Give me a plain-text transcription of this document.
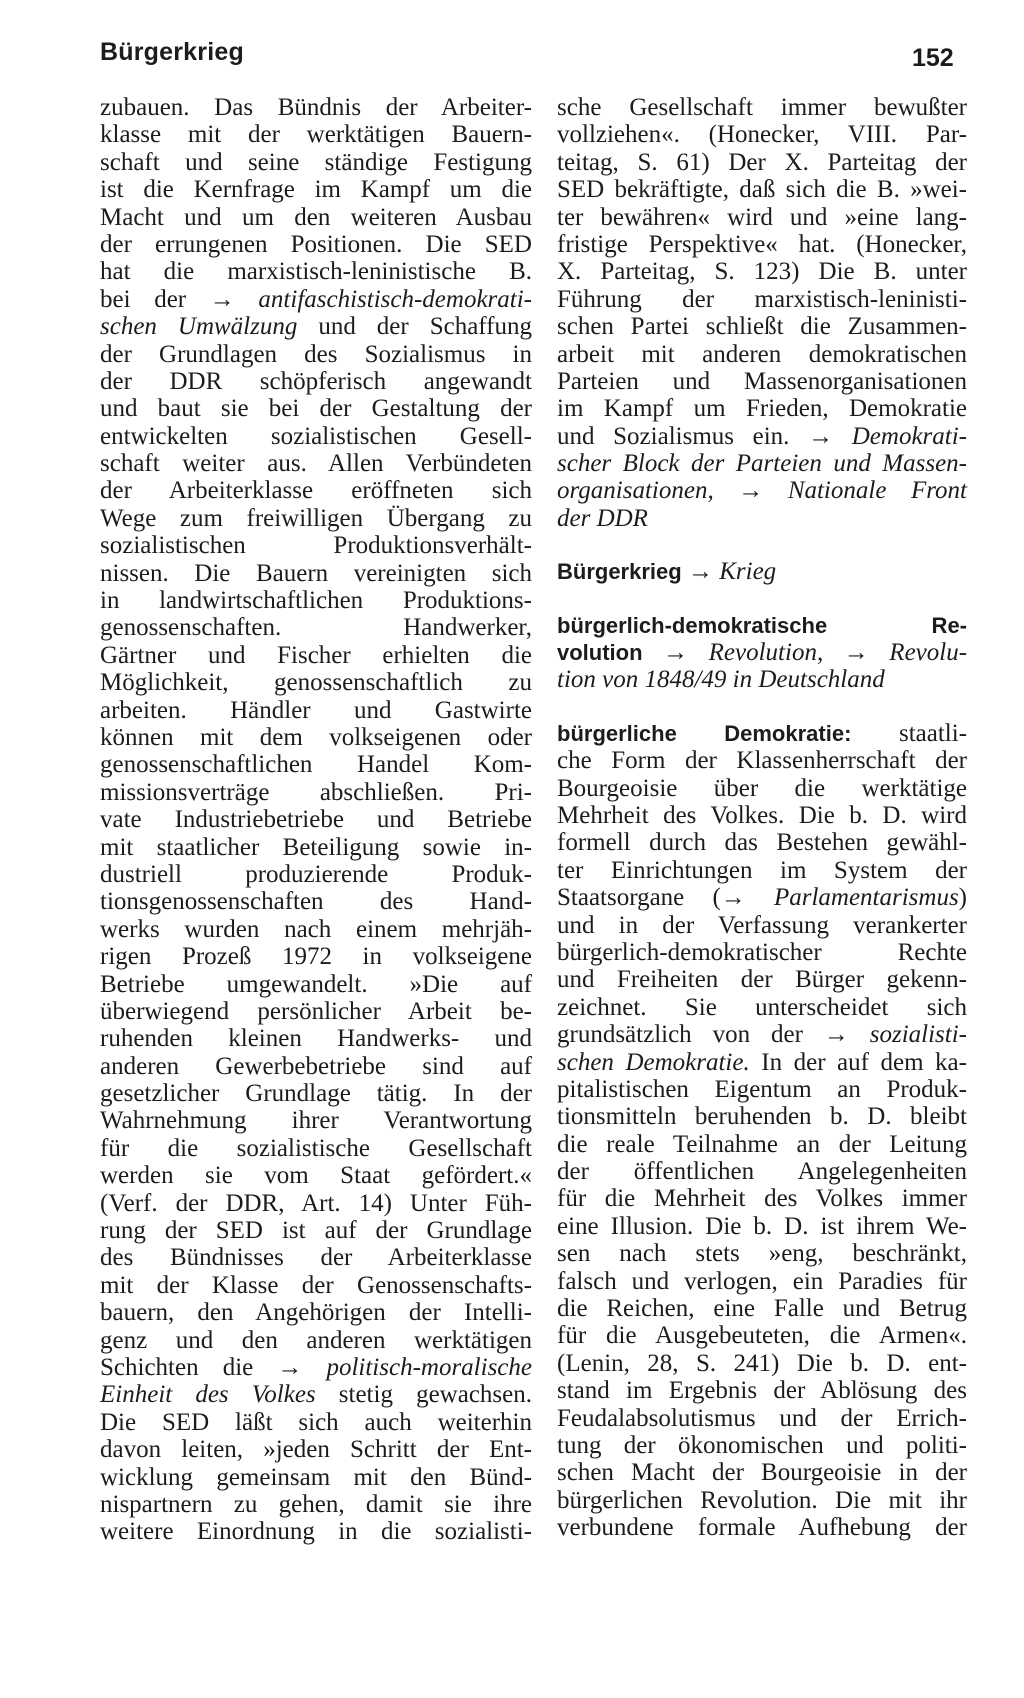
Bürgerkrieg	152
zubauen. Das Bündnis der Arbeiter-
klasse mit der werktätigen Bauern-
schaft und seine ständige Festigung
ist die Kernfrage im Kampf um die
Macht und um den weiteren Ausbau
der errungenen Positionen. Die SED
hat die marxistisch-leninistische B.
bei der → antifaschistisch-demokrati-
schen Umwälzung und der Schaffung
der Grundlagen des Sozialismus in
der DDR schöpferisch angewandt
und baut sie bei der Gestaltung der
entwickelten sozialistischen Gesell-
schaft weiter aus. Allen Verbündeten
der Arbeiterklasse eröffneten sich
Wege zum freiwilligen Übergang zu
sozialistischen Produktionsverhält-
nissen. Die Bauern vereinigten sich
in landwirtschaftlichen Produktions-
genossenschaften. Handwerker,
Gärtner und Fischer erhielten die
Möglichkeit, genossenschaftlich zu
arbeiten. Händler und Gastwirte
können mit dem volkseigenen oder
genossenschaftlichen Handel Kom-
missionsverträge abschließen. Pri-
vate Industriebetriebe und Betriebe
mit staatlicher Beteiligung sowie in-
dustriell produzierende Produk-
tionsgenossenschaften des Hand-
werks wurden nach einem mehrjäh-
rigen Prozeß 1972 in volkseigene
Betriebe umgewandelt. »Die auf
überwiegend persönlicher Arbeit be-
ruhenden kleinen Handwerks- und
anderen Gewerbebetriebe sind auf
gesetzlicher Grundlage tätig. In der
Wahrnehmung ihrer Verantwortung
für die sozialistische Gesellschaft
werden sie vom Staat gefördert.«
(Verf. der DDR, Art. 14) Unter Füh-
rung der SED ist auf der Grundlage
des Bündnisses der Arbeiterklasse
mit der Klasse der Genossenschafts-
bauern, den Angehörigen der Intelli-
genz und den anderen werktätigen
Schichten die → politisch-moralische
Einheit des Volkes stetig gewachsen.
Die SED läßt sich auch weiterhin
davon leiten, »jeden Schritt der Ent-
wicklung gemeinsam mit den Bünd-
nispartnern zu gehen, damit sie ihre
weitere Einordnung in die sozialisti-
sche Gesellschaft immer bewußter
vollziehen«. (Honecker, VIII. Par-
teitag, S. 61) Der X. Parteitag der
SED bekräftigte, daß sich die B. »wei-
ter bewähren« wird und »eine lang-
fristige Perspektive« hat. (Honecker,
X. Parteitag, S. 123) Die B. unter
Führung der marxistisch-leninisti-
schen Partei schließt die Zusammen-
arbeit mit anderen demokratischen
Parteien und Massenorganisationen
im Kampf um Frieden, Demokratie
und Sozialismus ein. → Demokrati-
scher Block der Parteien und Massen-
organisationen, → Nationale Front
der DDR
Bürgerkrieg → Krieg
bürgerlich-demokratische Re-
volution → Revolution, → Revolu-
tion von 1848/49 in Deutschland
bürgerliche Demokratie: staatli-
che Form der Klassenherrschaft der
Bourgeoisie über die werktätige
Mehrheit des Volkes. Die b. D. wird
formell durch das Bestehen gewähl-
ter Einrichtungen im System der
Staatsorgane (→ Parlamentarismus)
und in der Verfassung verankerter
bürgerlich-demokratischer Rechte
und Freiheiten der Bürger gekenn-
zeichnet. Sie unterscheidet sich
grundsätzlich von der → sozialisti-
schen Demokratie. In der auf dem ka-
pitalistischen Eigentum an Produk-
tionsmitteln beruhenden b. D. bleibt
die reale Teilnahme an der Leitung
der öffentlichen Angelegenheiten
für die Mehrheit des Volkes immer
eine Illusion. Die b. D. ist ihrem We-
sen nach stets »eng, beschränkt,
falsch und verlogen, ein Paradies für
die Reichen, eine Falle und Betrug
für die Ausgebeuteten, die Armen«.
(Lenin, 28, S. 241) Die b. D. ent-
stand im Ergebnis der Ablösung des
Feudalabsolutismus und der Errich-
tung der ökonomischen und politi-
schen Macht der Bourgeoisie in der
bürgerlichen Revolution. Die mit ihr
verbundene formale Aufhebung der
